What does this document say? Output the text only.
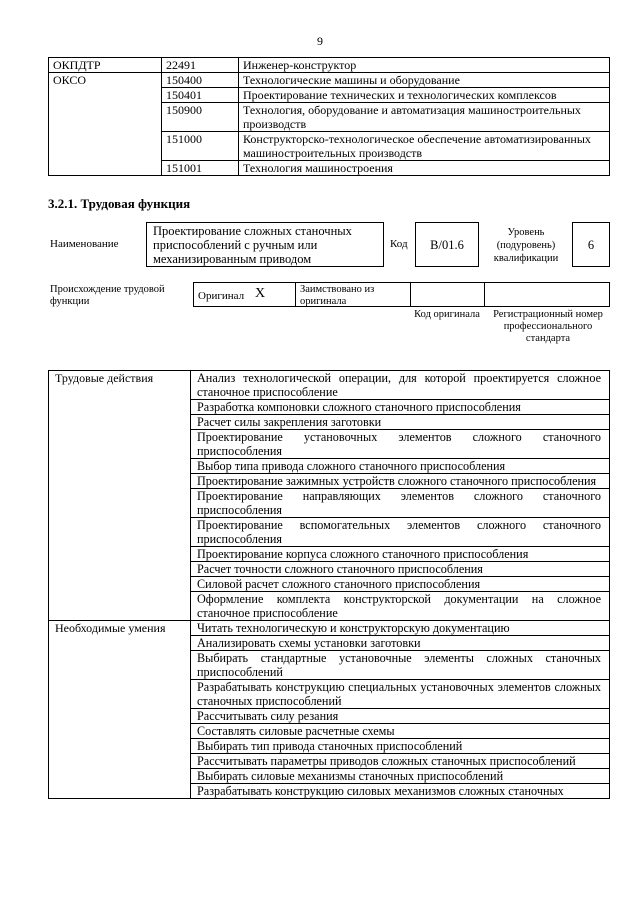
9
ОКПДТР	22491	Инженер-конструктор
ОКСО	150400	Технологические машины и оборудование
	150401	Проектирование технических и технологических комплексов
	150900	Технология, оборудование и автоматизация машиностроительных производств
	151000	Конструкторско-технологическое обеспечение автоматизированных машиностроительных производств
	151001	Технология машиностроения
3.2.1. Трудовая функция
Наименование
Проектирование сложных станочных приспособлений с ручным или механизированным приводом
Код	B/01.6
Уровень (подуровень) квалификации
6
Происхождение трудовой функции	Оригинал X	Заимствовано из оригинала
Код оригинала	Регистрационный номер профессионального стандарта
Трудовые действия	Анализ технологической операции, для которой проектируется сложное станочное приспособление
	Разработка компоновки сложного станочного приспособления
	Расчет силы закрепления заготовки
	Проектирование установочных элементов сложного станочного приспособления
	Выбор типа привода сложного станочного приспособления
	Проектирование зажимных устройств сложного станочного приспособления
	Проектирование направляющих элементов сложного станочного приспособления
	Проектирование вспомогательных элементов сложного станочного приспособления
	Проектирование корпуса сложного станочного приспособления
	Расчет точности сложного станочного приспособления
	Силовой расчет сложного станочного приспособления
	Оформление комплекта конструкторской документации на сложное станочное приспособление
Необходимые умения	Читать технологическую и конструкторскую документацию
	Анализировать схемы установки заготовки
	Выбирать стандартные установочные элементы сложных станочных приспособлений
	Разрабатывать конструкцию специальных установочных элементов сложных станочных приспособлений
	Рассчитывать силу резания
	Составлять силовые расчетные схемы
	Выбирать тип привода станочных приспособлений
	Рассчитывать параметры приводов сложных станочных приспособлений
	Выбирать силовые механизмы станочных приспособлений
	Разрабатывать конструкцию силовых механизмов сложных станочных
